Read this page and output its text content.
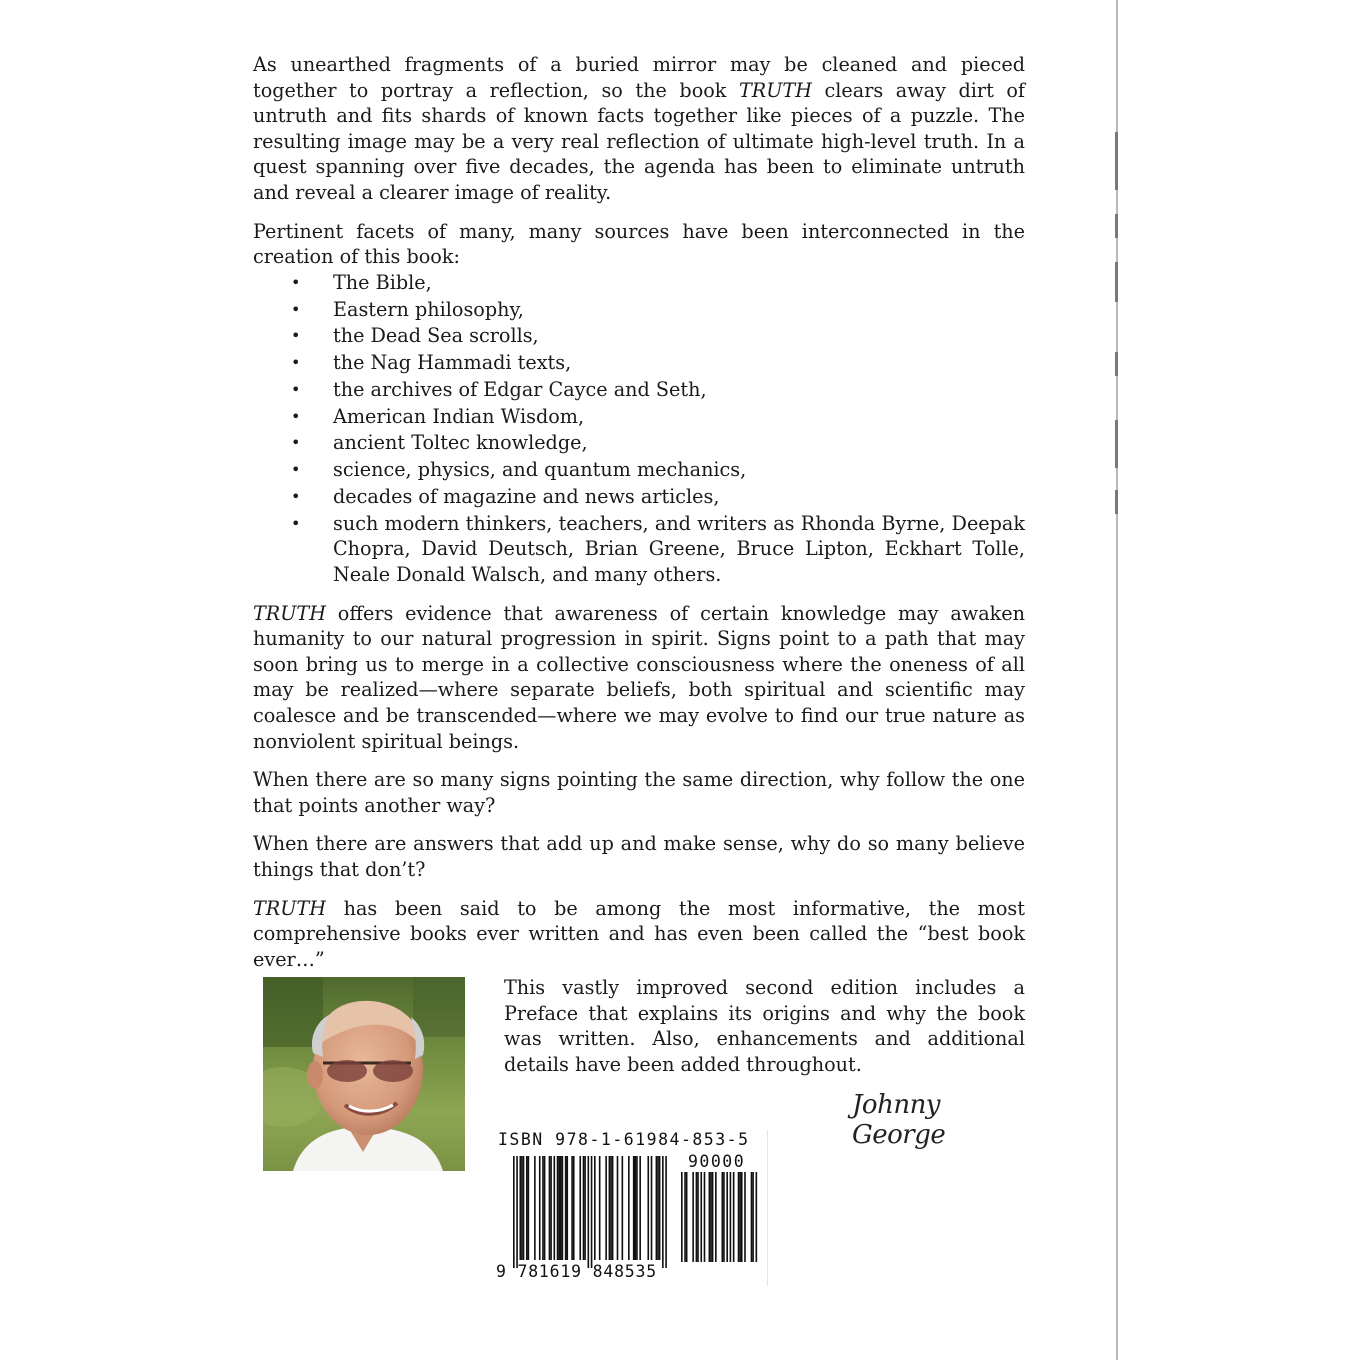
As unearthed fragments of a buried mirror may be cleaned and pieced together to portray a reflection, so the book TRUTH clears away dirt of untruth and fits shards of known facts together like pieces of a puzzle. The resulting image may be a very real reflection of ultimate high-level truth. In a quest spanning over five decades, the agenda has been to eliminate untruth and reveal a clearer image of reality.

Pertinent facets of many, many sources have been interconnected in the creation of this book:

• The Bible,
• Eastern philosophy,
• the Dead Sea scrolls,
• the Nag Hammadi texts,
• the archives of Edgar Cayce and Seth,
• American Indian Wisdom,
• ancient Toltec knowledge,
• science, physics, and quantum mechanics,
• decades of magazine and news articles,
• such modern thinkers, teachers, and writers as Rhonda Byrne, Deepak Chopra, David Deutsch, Brian Greene, Bruce Lipton, Eckhart Tolle, Neale Donald Walsch, and many others.

TRUTH offers evidence that awareness of certain knowledge may awaken humanity to our natural progression in spirit. Signs point to a path that may soon bring us to merge in a collective consciousness where the oneness of all may be realized—where separate beliefs, both spiritual and scientific may coalesce and be transcended—where we may evolve to find our true nature as nonviolent spiritual beings.

When there are so many signs pointing the same direction, why follow the one that points another way?

When there are answers that add up and make sense, why do so many believe things that don’t?

TRUTH has been said to be among the most informative, the most comprehensive books ever written and has even been called the “best book ever…”

This vastly improved second edition includes a Preface that explains its origins and why the book was written. Also, enhancements and additional details have been added throughout.
Johnny George
ISBN 978-1-61984-853-5
90000
9 781619 848535
